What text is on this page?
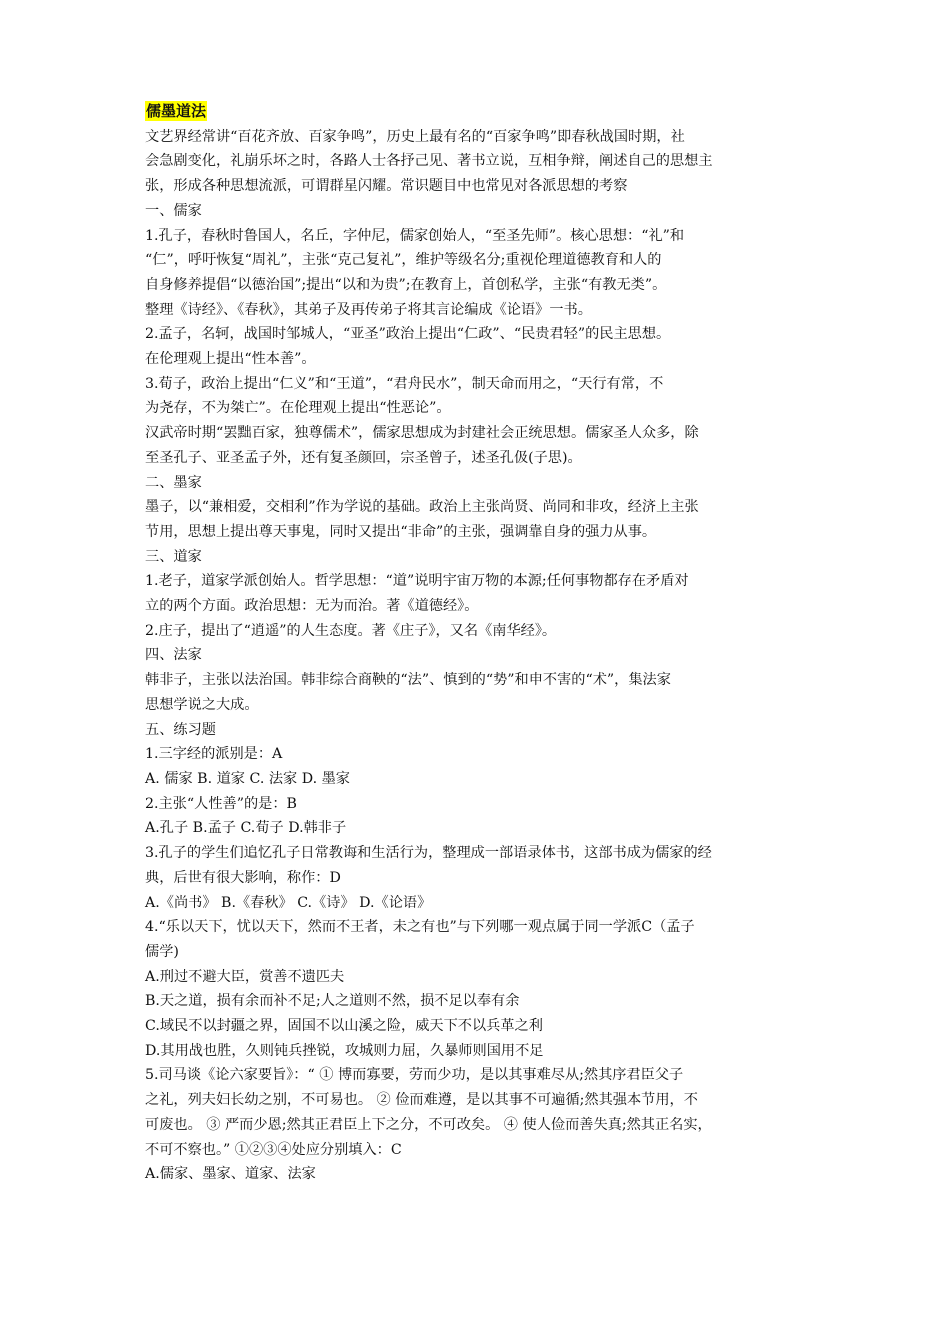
儒墨道法
文艺界经常讲“百花齐放、百家争鸣”，历史上最有名的“百家争鸣”即春秋战国时期，社
会急剧变化，礼崩乐坏之时，各路人士各抒己见、著书立说，互相争辩，阐述自己的思想主
张，形成各种思想流派，可谓群星闪耀。常识题目中也常见对各派思想的考察
一、儒家
1.孔子，春秋时鲁国人，名丘，字仲尼，儒家创始人，“至圣先师”。核心思想：“礼”和
“仁”，呼吁恢复“周礼”，主张“克己复礼”，维护等级名分;重视伦理道德教育和人的
自身修养提倡“以德治国”;提出“以和为贵”;在教育上，首创私学，主张“有教无类”。
整理《诗经》、《春秋》，其弟子及再传弟子将其言论编成《论语》一书。
2.孟子，名轲，战国时邹城人，“亚圣”政治上提出“仁政”、“民贵君轻”的民主思想。
在伦理观上提出“性本善”。
3.荀子，政治上提出“仁义”和“王道”，“君舟民水”，制天命而用之，“天行有常，不
为尧存，不为桀亡”。在伦理观上提出“性恶论”。
汉武帝时期“罢黜百家，独尊儒术”，儒家思想成为封建社会正统思想。儒家圣人众多，除
至圣孔子、亚圣孟子外，还有复圣颜回，宗圣曾子，述圣孔伋(子思)。
二、墨家
墨子，以“兼相爱，交相利”作为学说的基础。政治上主张尚贤、尚同和非攻，经济上主张
节用，思想上提出尊天事鬼，同时又提出“非命”的主张，强调靠自身的强力从事。
三、道家
1.老子，道家学派创始人。哲学思想：“道”说明宇宙万物的本源;任何事物都存在矛盾对
立的两个方面。政治思想：无为而治。著《道德经》。
2.庄子，提出了“逍遥”的人生态度。著《庄子》，又名《南华经》。
四、法家
韩非子，主张以法治国。韩非综合商鞅的“法”、慎到的“势”和申不害的“术”，集法家
思想学说之大成。
五、练习题
1.三字经的派别是：A
A. 儒家 B. 道家 C. 法家 D. 墨家
2.主张“人性善”的是：B
A.孔子 B.孟子 C.荀子 D.韩非子
3.孔子的学生们追忆孔子日常教诲和生活行为，整理成一部语录体书，这部书成为儒家的经
典，后世有很大影响，称作：D
A.《尚书》 B.《春秋》 C.《诗》 D.《论语》
4.“乐以天下，忧以天下，然而不王者，未之有也”与下列哪一观点属于同一学派C（孟子
儒学)
A.刑过不避大臣，赏善不遗匹夫
B.天之道，损有余而补不足;人之道则不然，损不足以奉有余
C.域民不以封疆之界，固国不以山溪之险，威天下不以兵革之利
D.其用战也胜，久则钝兵挫锐，攻城则力屈，久暴师则国用不足
5.司马谈《论六家要旨》：“ ① 博而寡要，劳而少功，是以其事难尽从;然其序君臣父子
之礼，列夫妇长幼之别，不可易也。 ② 俭而难遵，是以其事不可遍循;然其强本节用，不
可废也。 ③ 严而少恩;然其正君臣上下之分，不可改矣。 ④ 使人俭而善失真;然其正名实，
不可不察也。” ①②③④处应分别填入：C
A.儒家、墨家、道家、法家
